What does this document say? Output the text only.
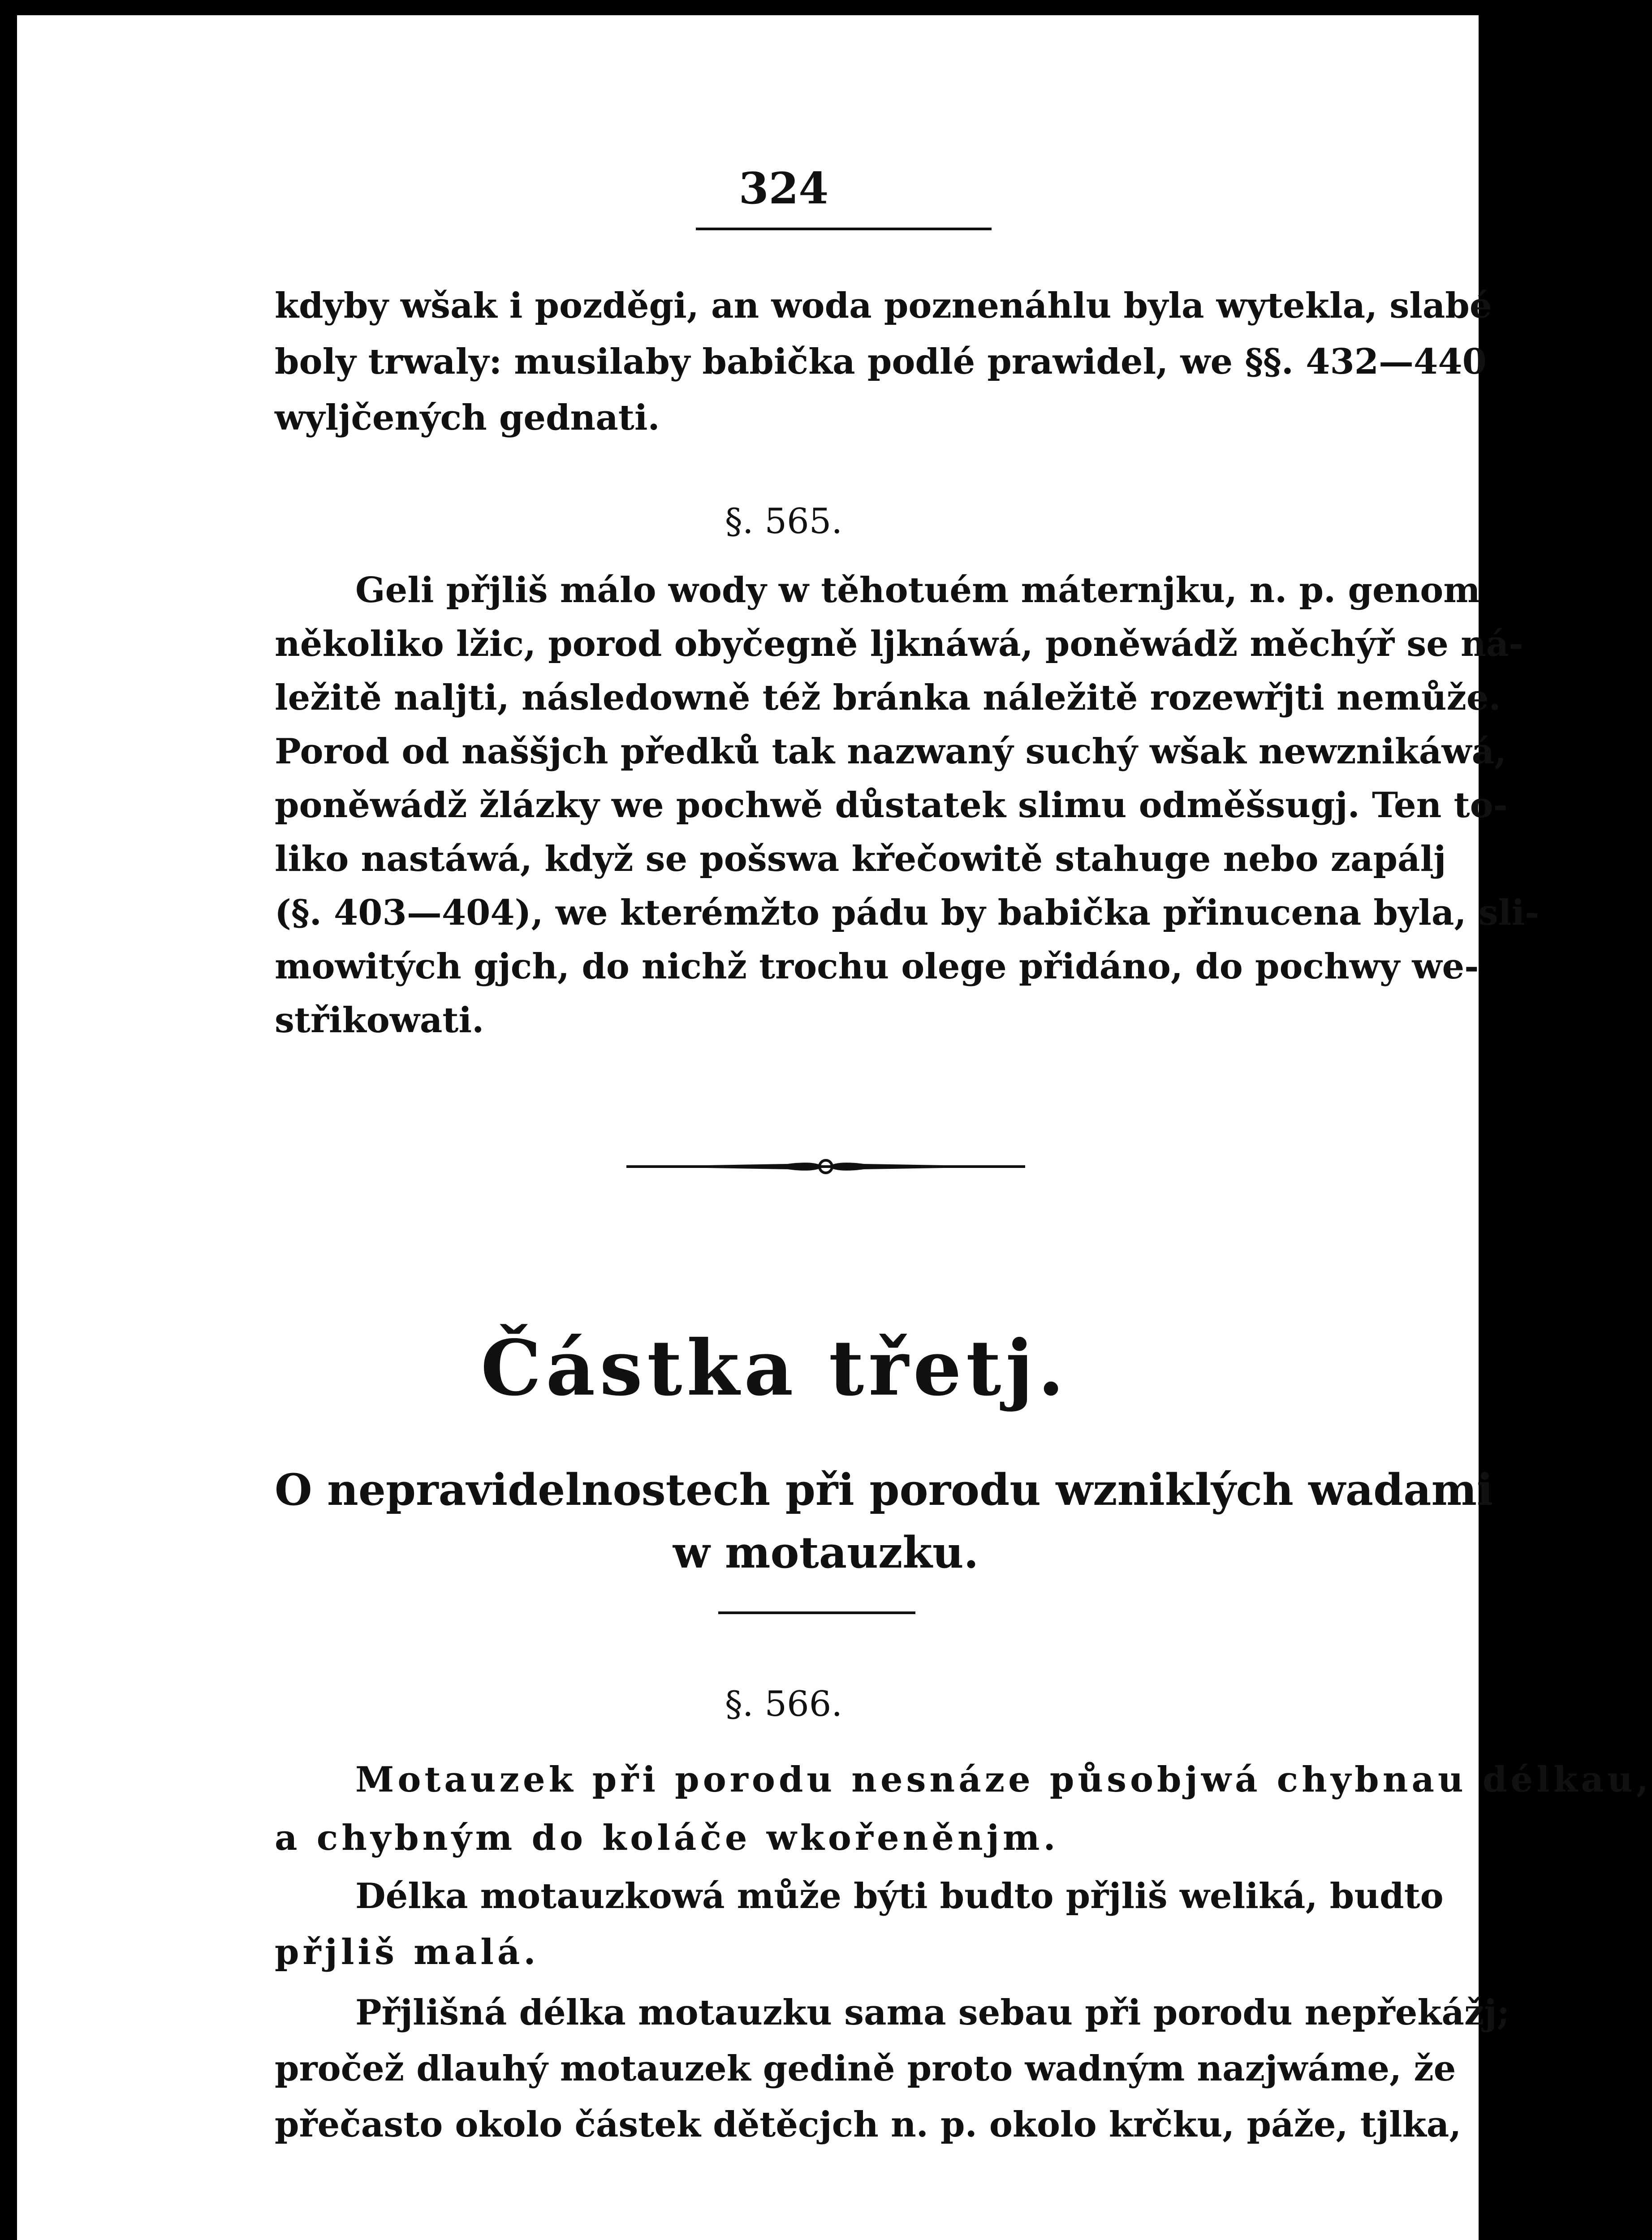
324
kdyby wšak i pozděgi, an woda poznenáhlu byla wytekla, slabé
boly trwaly: musilaby babička podlé prawidel, we §§. 432—440
wyljčených gednati.
§. 565.
Geli přjliš málo wody w těhotuém máternjku, n. p. genom
několiko lžic, porod obyčegně ljknáwá, poněwádž měchýř se ná-
ležitě naljti, následowně též bránka náležitě rozewřjti nemůže.
Porod od naššjch předků tak nazwaný suchý wšak newznikáwá,
poněwádž žlázky we pochwě důstatek slimu odměšsugj. Ten to-
liko nastáwá, když se pošswa křečowitě stahuge nebo zapálj
(§. 403—404), we kterémžto pádu by babička přinucena byla, sli-
mowitých gjch, do nichž trochu olege přidáno, do pochwy we-
střikowati.
Částka třetj.
O nepravidelnostech při porodu wzniklých wadami
w motauzku.
§. 566.
Motauzek při porodu nesnáze působjwá chybnau délkau,
a chybným do koláče wkořeněnjm.
Délka motauzkowá může býti budto přjliš weliká, budto
přjliš malá.
Přjlišná délka motauzku sama sebau při porodu nepřekážj;
pročež dlauhý motauzek gedině proto wadným nazjwáme, že
přečasto okolo částek dětěcjch n. p. okolo krčku, páže, tjlka,
